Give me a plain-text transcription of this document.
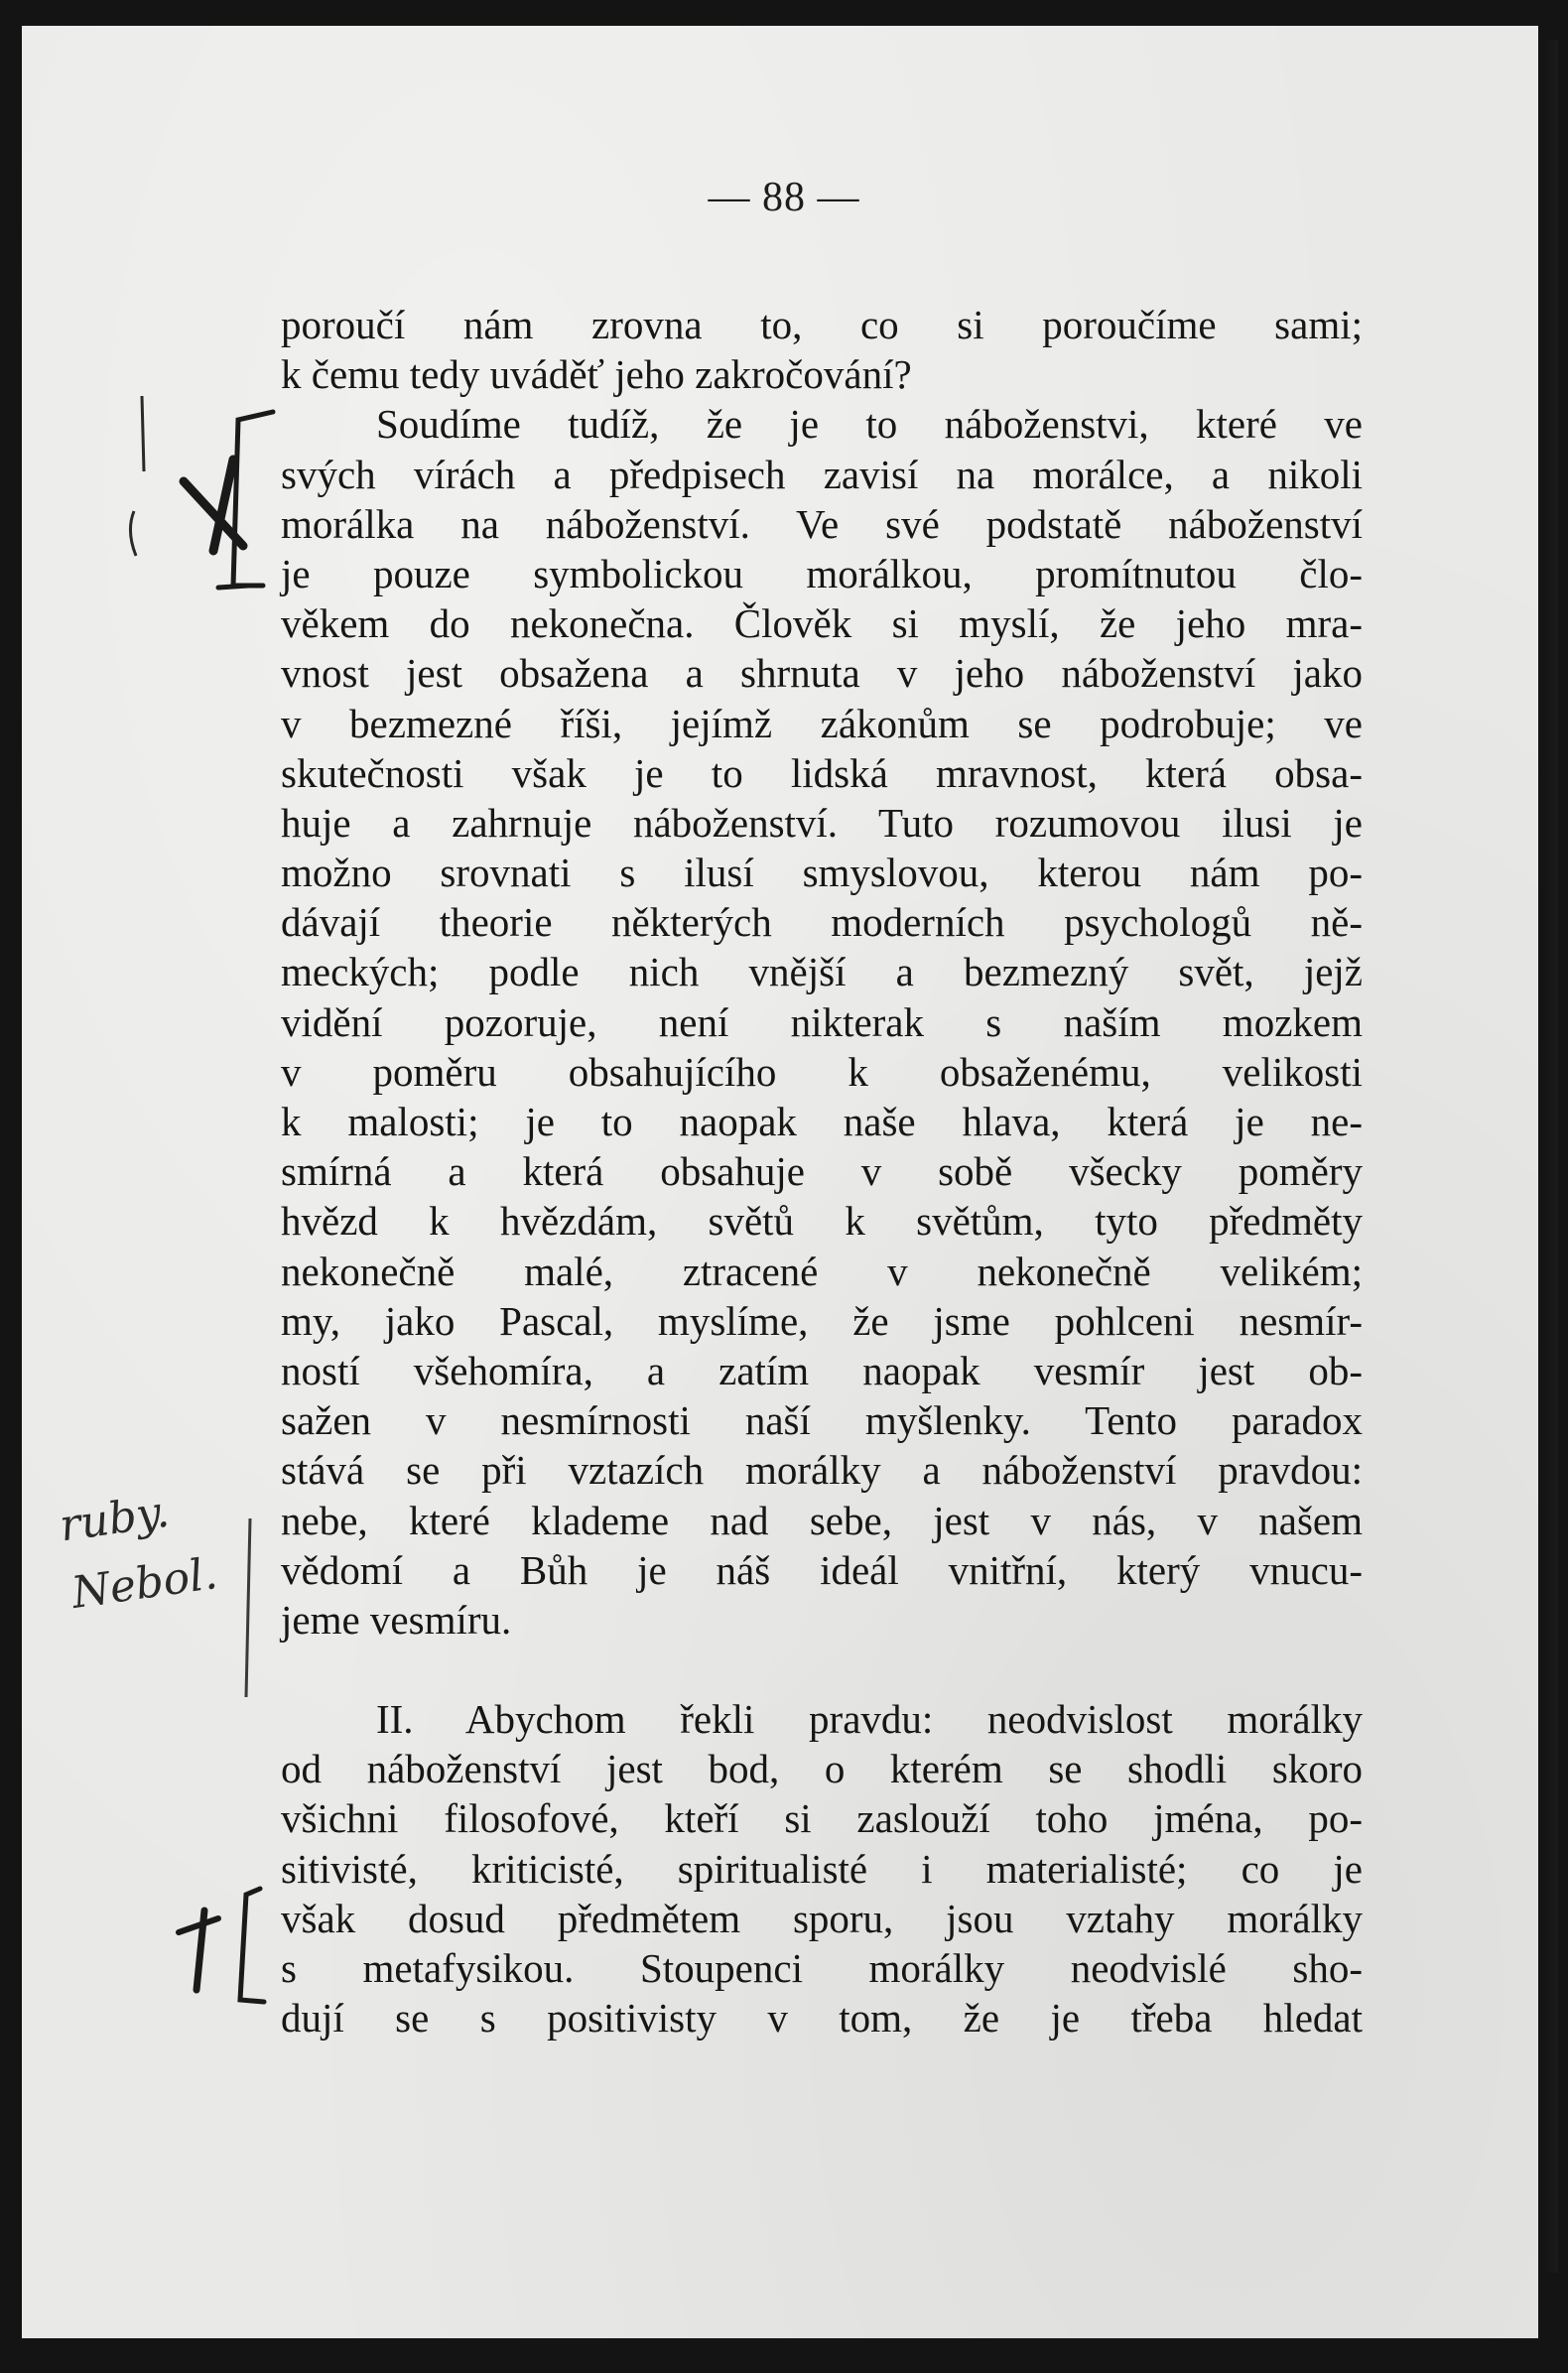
— 88 —
poroučí nám zrovna to, co si poroučíme sami;
k čemu tedy uváděť jeho zakročování?
Soudíme tudíž, že je to náboženstvi, které ve
svých vírách a předpisech zavisí na morálce, a nikoli
morálka na náboženství. Ve své podstatě náboženství
je pouze symbolickou morálkou, promítnutou člo-
věkem do nekonečna. Člověk si myslí, že jeho mra-
vnost jest obsažena a shrnuta v jeho náboženství jako
v bezmezné říši, jejímž zákonům se podrobuje; ve
skutečnosti však je to lidská mravnost, která obsa-
huje a zahrnuje náboženství. Tuto rozumovou ilusi je
možno srovnati s ilusí smyslovou, kterou nám po-
dávají theorie některých moderních psychologů ně-
meckých; podle nich vnější a bezmezný svět, jejž
vidění pozoruje, není nikterak s naším mozkem
v poměru obsahujícího k obsaženému, velikosti
k malosti; je to naopak naše hlava, která je ne-
smírná a která obsahuje v sobě všecky poměry
hvězd k hvězdám, světů k světům, tyto předměty
nekonečně malé, ztracené v nekonečně velikém;
my, jako Pascal, myslíme, že jsme pohlceni nesmír-
ností všehomíra, a zatím naopak vesmír jest ob-
sažen v nesmírnosti naší myšlenky. Tento paradox
stává se při vztazích morálky a náboženství pravdou:
nebe, které klademe nad sebe, jest v nás, v našem
vědomí a Bůh je náš ideál vnitřní, který vnucu-
jeme vesmíru.
II. Abychom řekli pravdu: neodvislost morálky
od náboženství jest bod, o kterém se shodli skoro
všichni filosofové, kteří si zaslouží toho jména, po-
sitivisté, kriticisté, spiritualisté i materialisté; co je
však dosud předmětem sporu, jsou vztahy morálky
s metafysikou. Stoupenci morálky neodvislé sho-
dují se s positivisty v tom, že je třeba hledat
ruby.
Nebol.
